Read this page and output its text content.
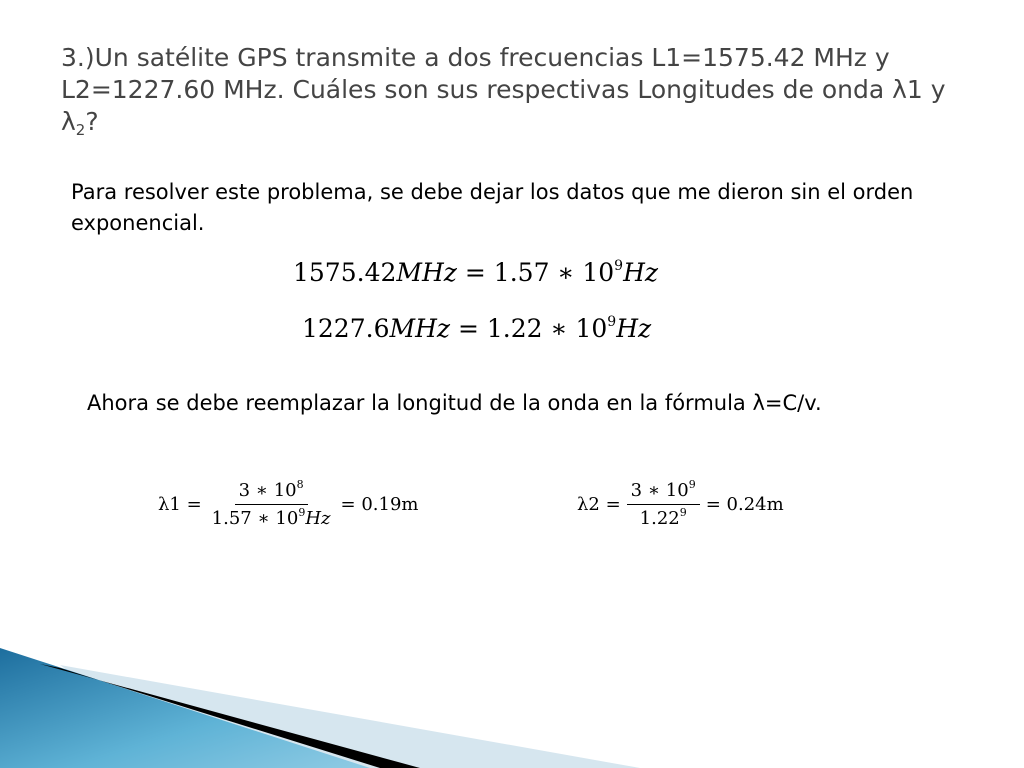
3.)Un satélite GPS transmite a dos frecuencias L1=1575.42 MHz y L2=1227.60 MHz. Cuáles son sus respectivas Longitudes de onda λ1 y $\lambda_2$?
Para resolver este problema, se debe dejar los datos que me dieron sin el orden exponencial.
1575.42MHz = 1.57 ∗ $10^9Hz$
1227.6MHz = 1.22 ∗ $10^9Hz$
Ahora se debe reemplazar la longitud de la onda en la fórmula λ=C/v.
$\lambda 1 = \frac{3 ∗ 10^8}{1.57 ∗ 10^9Hz} = 0.19m$	$\lambda 2 = \frac{3 ∗ 10^9}{1.22^9} = 0.24m$
